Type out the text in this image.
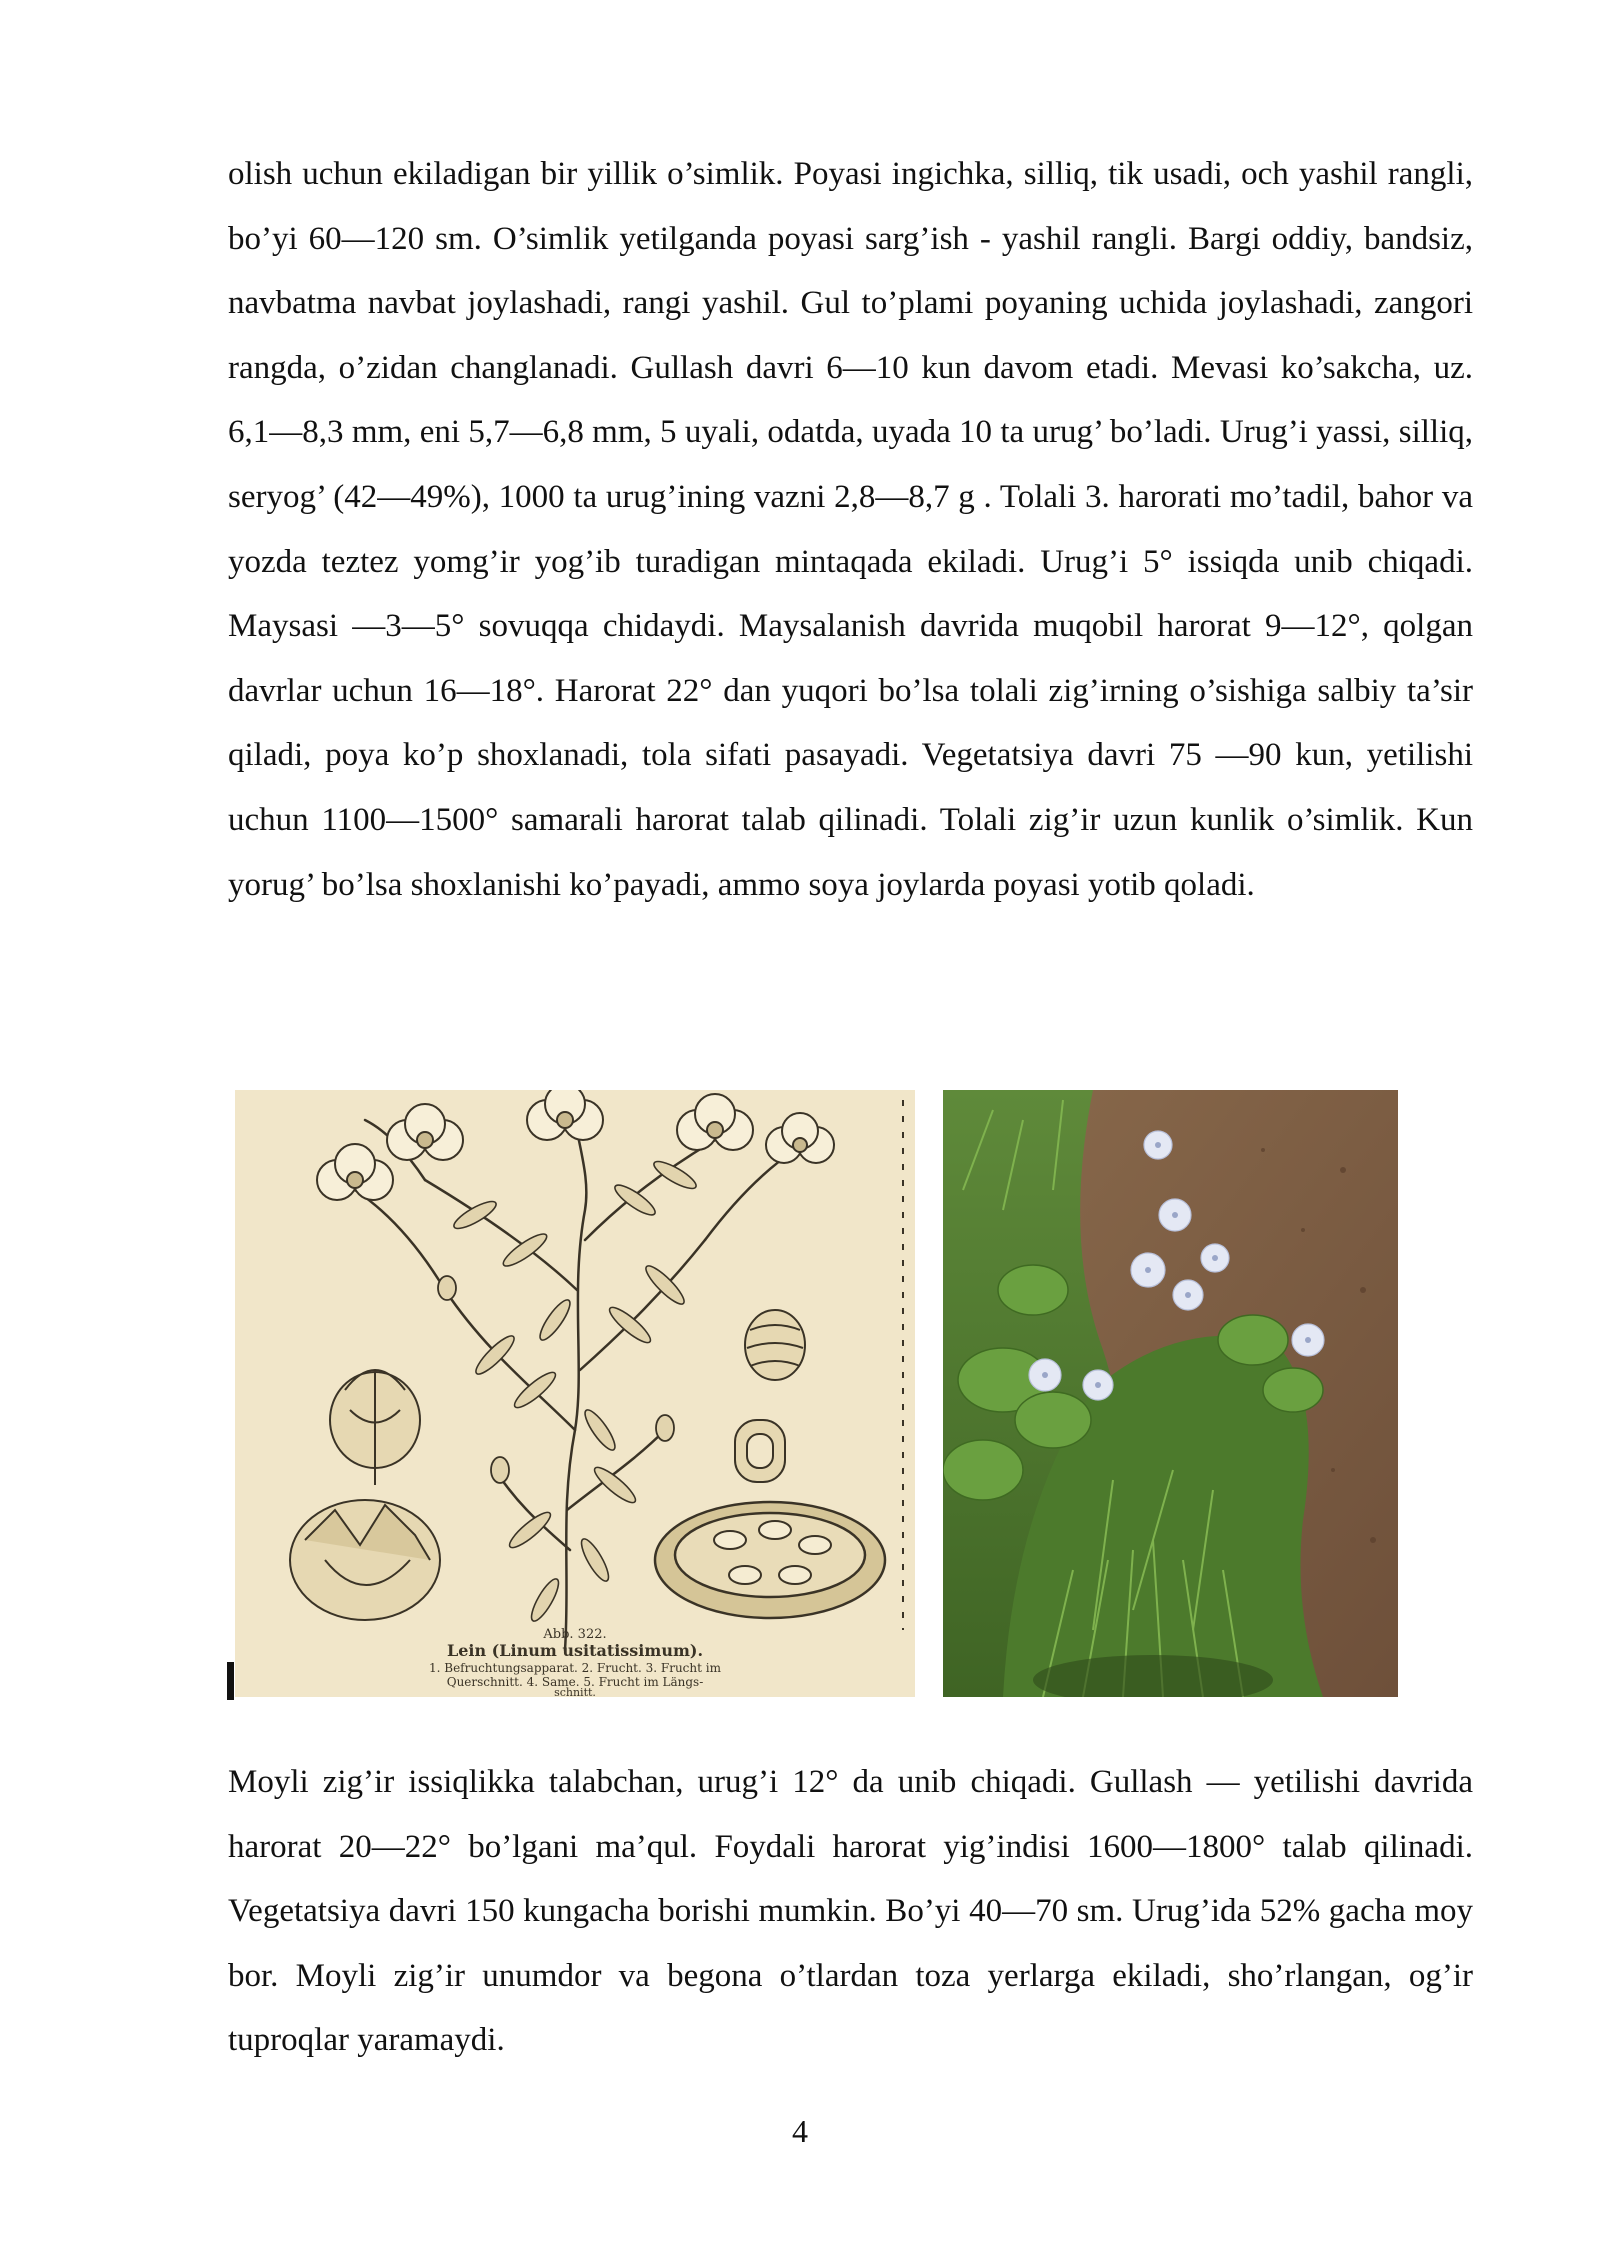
olish uchun ekiladigan bir yillik o’simlik. Poyasi ingichka, silliq, tik usadi, och yashil rangli, bo’yi 60—120 sm. O’simlik yetilganda poyasi sarg’ish - yashil rangli. Bargi oddiy, bandsiz, navbatma navbat joylashadi, rangi yashil. Gul to’plami poyaning uchida joylashadi, zangori rangda, o’zidan changlanadi. Gullash davri 6—10 kun davom etadi. Mevasi ko’sakcha, uz. 6,1—8,3 mm, eni 5,7—6,8 mm, 5 uyali, odatda, uyada 10 ta urug’ bo’ladi. Urug’i yassi, silliq, seryog’ (42—49%), 1000 ta urug’ining vazni 2,8—8,7 g . Tolali 3. harorati mo’tadil, bahor va yozda teztez yomg’ir yog’ib turadigan mintaqada ekiladi. Urug’i 5° issiqda unib chiqadi. Maysasi —3—5° sovuqqa chidaydi. Maysalanish davrida muqobil harorat 9—12°, qolgan davrlar uchun 16—18°. Harorat 22° dan yuqori bo’lsa tolali zig’irning o’sishiga salbiy ta’sir qiladi, poya ko’p shoxlanadi, tola sifati pasayadi. Vegetatsiya davri 75 —90 kun, yetilishi uchun 1100—1500° samarali harorat talab qilinadi. Tolali zig’ir uzun kunlik o’simlik. Kun yorug’ bo’lsa shoxlanishi ko’payadi, ammo soya joylarda poyasi yotib qoladi.

Abb. 322.
Lein (Linum usitatissimum).
1. Befruchtungsapparat. 2. Frucht. 3. Frucht im
Querschnitt. 4. Same. 5. Frucht im Längs-
schnitt.

Moyli zig’ir issiqlikka talabchan, urug’i 12° da unib chiqadi. Gullash — yetilishi davrida harorat 20—22° bo’lgani ma’qul. Foydali harorat yig’indisi 1600—1800° talab qilinadi. Vegetatsiya davri 150 kungacha borishi mumkin. Bo’yi 40—70 sm. Urug’ida 52% gacha moy bor. Moyli zig’ir unumdor va begona o’tlardan toza yerlarga ekiladi, sho’rlangan, og’ir tuproqlar yaramaydi.

4
